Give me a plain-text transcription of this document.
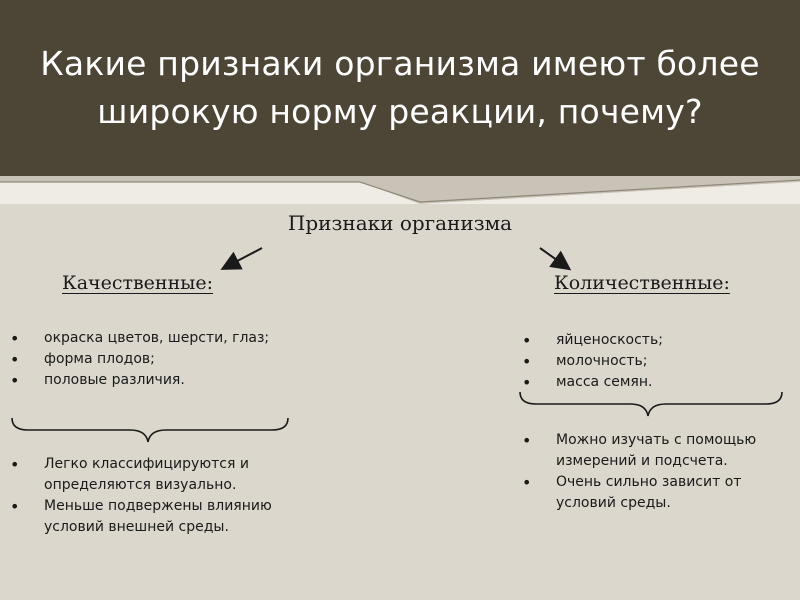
Какие признаки организма имеют более широкую норму реакции, почему?

Признаки организма

Качественные:	Количественные:
• окраска цветов, шерсти, глаз;
• форма плодов;
• половые различия.
• Легко классифицируются и определяются визуально.
• Меньше подвержены влиянию условий внешней среды.
• яйценоскость;
• молочность;
• масса семян.
• Можно изучать с помощью измерений и подсчета.
• Очень сильно зависит от условий среды.
